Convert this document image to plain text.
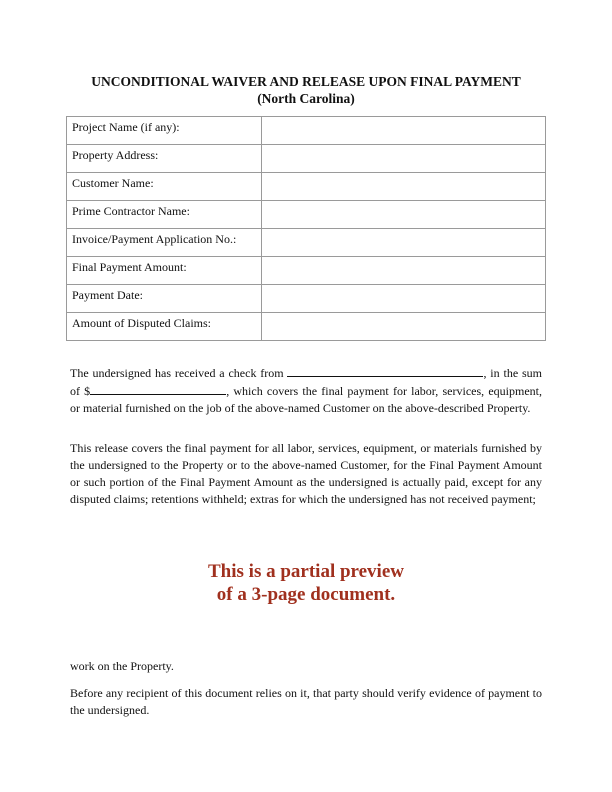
UNCONDITIONAL WAIVER AND RELEASE UPON FINAL PAYMENT
(North Carolina)
Project Name (if any):	
Property Address:	
Customer Name:	
Prime Contractor Name:	
Invoice/Payment Application No.:	
Final Payment Amount:	
Payment Date:	
Amount of Disputed Claims:	
The undersigned has received a check from	, in the sum of $	, which covers the final payment for labor, services, equipment, or material furnished on the job of the above-named Customer on the above-described Property.
This release covers the final payment for all labor, services, equipment, or materials furnished by the undersigned to the Property or to the above-named Customer, for the Final Payment Amount or such portion of the Final Payment Amount as the undersigned is actually paid, except for any disputed claims; retentions withheld; extras for which the undersigned has not received payment;
This is a partial preview
of a 3-page document.
work on the Property.
Before any recipient of this document relies on it, that party should verify evidence of payment to the undersigned.
